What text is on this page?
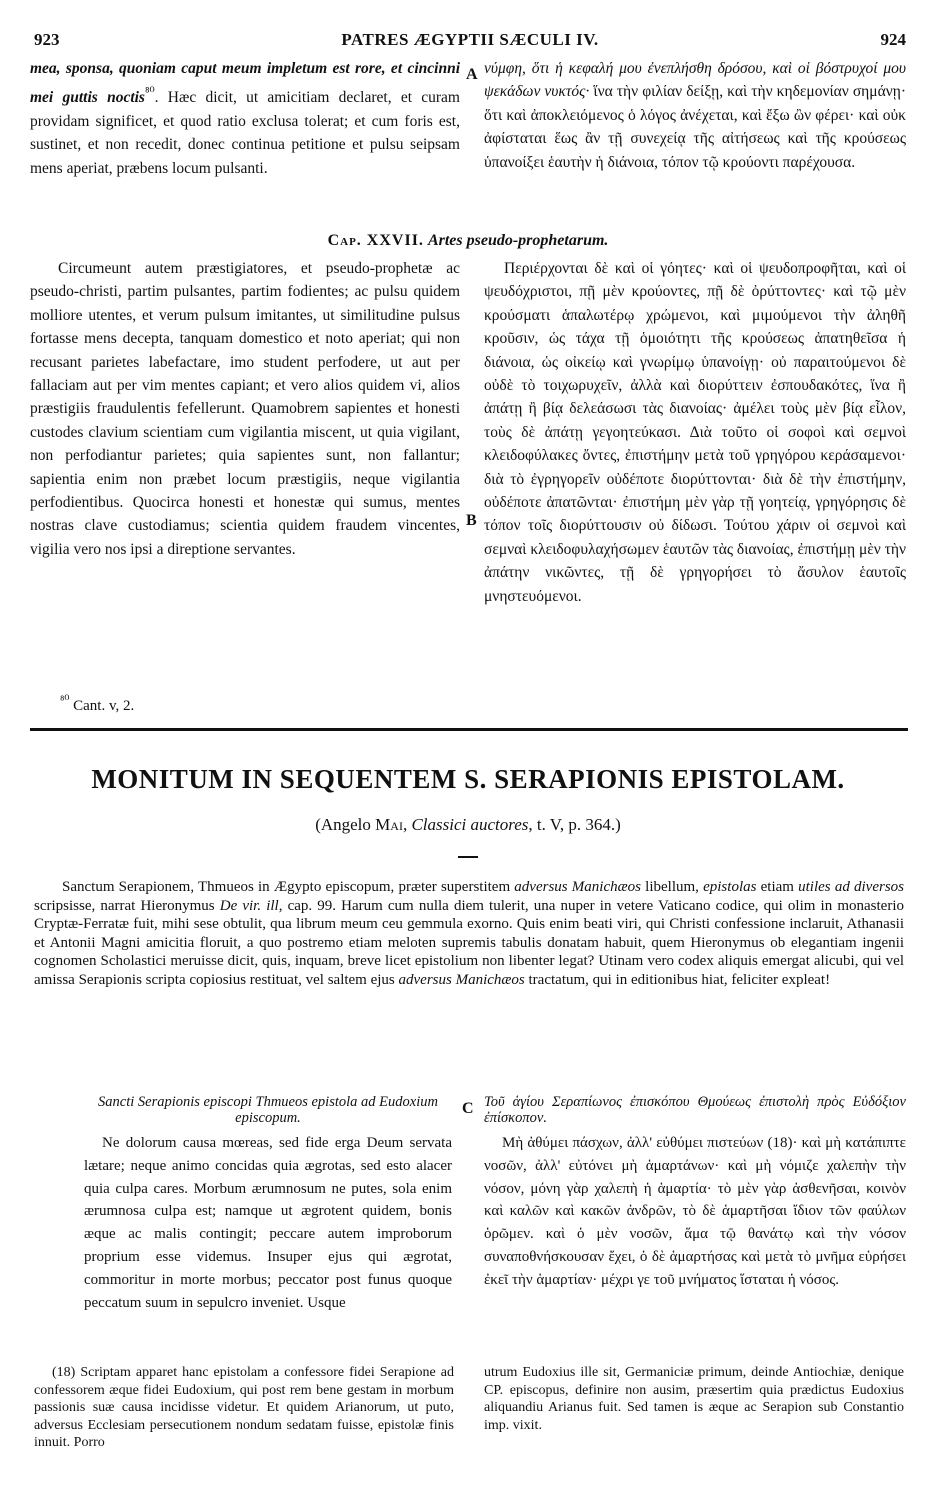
923	PATRES ÆGYPTII SÆCULI IV.	924

mea, sponsa, quoniam caput meum impletum est rore, et cincinni mei guttis noctis$^{^{80}}$. Hæc dicit, ut amicitiam declaret, et curam providam significet, et quod ratio exclusa tolerat; et cum foris est, sustinet, et non recedit, donec continua petitione et pulsu seipsam mens aperiat, præbens locum pulsanti.

A νύμφη, ὅτι ἡ κεφαλή μου ἐνεπλήσθη δρόσου, καὶ οἱ βόστρυχοί μου ψεκάδων νυκτός· ἵνα τὴν φιλίαν δείξῃ, καὶ τὴν κηδεμονίαν σημάνῃ· ὅτι καὶ ἀποκλειόμενος ὁ λόγος ἀνέχεται, καὶ ἔξω ὢν φέρει· καὶ οὐκ ἀφίσταται ἕως ἂν τῇ συνεχείᾳ τῆς αἰτήσεως καὶ τῆς κρούσεως ὑπανοίξει ἑαυτὴν ἡ διάνοια, τόπον τῷ κρούοντι παρέχουσα.

Cap. XXVII. Artes pseudo-prophetarum.

Circumeunt autem præstigiatores, et pseudo-prophetæ ac pseudo-christi, partim pulsantes, partim fodientes; ac pulsu quidem molliore utentes, et verum pulsum imitantes, ut similitudine pulsus fortasse mens decepta, tanquam domestico et noto aperiat; qui non recusant parietes labefactare, imo student perfodere, ut aut per fallaciam aut per vim mentes capiant; et vero alios quidem vi, alios præstigiis fraudulentis fefellerunt. Quamobrem sapientes et honesti custodes clavium scientiam cum vigilantia miscent, ut quia vigilant, non perfodiantur parietes; quia sapientes sunt, non fallantur; sapientia enim non præbet locum præstigiis, neque vigilantia perfodientibus. Quocirca honesti et honestæ qui sumus, mentes nostras clave custodiamus; scientia quidem fraudem vincentes, vigilia vero nos ipsi a direptione servantes.

B

Περιέρχονται δὲ καὶ οἱ γόητες· καὶ οἱ ψευδοπροφῆται, καὶ οἱ ψευδόχριστοι, πῇ μὲν κρούοντες, πῇ δὲ ὀρύττοντες· καὶ τῷ μὲν κρούσματι ἁπαλωτέρῳ χρώμενοι, καὶ μιμούμενοι τὴν ἀληθῆ κροῦσιν, ὡς τάχα τῇ ὁμοιότητι τῆς κρούσεως ἀπατηθεῖσα ἡ διάνοια, ὡς οἰκείῳ καὶ γνωρίμῳ ὑπανοίγῃ· οὐ παραιτούμενοι δὲ οὐδὲ τὸ τοιχωρυχεῖν, ἀλλὰ καὶ διορύττειν ἐσπουδακότες, ἵνα ἢ ἀπάτῃ ἢ βίᾳ δελεάσωσι τὰς διανοίας· ἀμέλει τοὺς μὲν βίᾳ εἷλον, τοὺς δὲ ἀπάτῃ γεγοητεύκασι. Διὰ τοῦτο οἱ σοφοὶ καὶ σεμνοὶ κλειδοφύλακες ὄντες, ἐπιστήμην μετὰ τοῦ γρηγόρου κεράσαμενοι· διὰ τὸ ἐγρηγορεῖν οὐδέποτε διορύττονται· διὰ δὲ τὴν ἐπιστήμην, οὐδέποτε ἀπατῶνται· ἐπιστήμη μὲν γὰρ τῇ γοητείᾳ, γρηγόρησις δὲ τόπον τοῖς διορύττουσιν οὐ δίδωσι. Τούτου χάριν οἱ σεμνοὶ καὶ σεμναὶ κλειδοφυλαχήσωμεν ἑαυτῶν τὰς διανοίας, ἐπιστήμῃ μὲν τὴν ἀπάτην νικῶντες, τῇ δὲ γρηγορήσει τὸ ἄσυλον ἑαυτοῖς μνηστευόμενοι.

$^{^{80}}$ Cant. v, 2.
MONITUM IN SEQUENTEM S. SERAPIONIS EPISTOLAM.
(Angelo Mai, Classici auctores, t. V, p. 364.)
Sanctum Serapionem, Thmueos in Ægypto episcopum, præter superstitem adversus Manichæos libellum, epistolas etiam utiles ad diversos scripsisse, narrat Hieronymus De vir. ill, cap. 99. Harum cum nulla diem tulerit, una nuper in vetere Vaticano codice, qui olim in monasterio Cryptæ-Ferratæ fuit, mihi sese obtulit, qua librum meum ceu gemmula exorno. Quis enim beati viri, qui Christi confessione inclaruit, Athanasii et Antonii Magni amicitia floruit, a quo postremo etiam meloten supremis tabulis donatam habuit, quem Hieronymus ob elegantiam ingenii cognomen Scholastici meruisse dicit, quis, inquam, breve licet epistolium non libenter legat? Utinam vero codex aliquis emergat alicubi, qui vel amissa Serapionis scripta copiosius restituat, vel saltem ejus adversus Manichæos tractatum, qui in editionibus hiat, feliciter expleat!
Sancti Serapionis episcopi Thmueos epistola ad Eudoxium episcopum.

Ne dolorum causa mœreas, sed fide erga Deum servata lætare; neque animo concidas quia ægrotas, sed esto alacer quia culpa cares. Morbum ærumnosum ne putes, sola enim ærumnosa culpa est; namque ut ægrotent quidem, bonis æque ac malis contingit; peccare autem improborum proprium esse videmus. Insuper ejus qui ægrotat, commoritur in morte morbus; peccator post funus quoque peccatum suum in sepulcro inveniet. Usque

C Τοῦ ἁγίου Σεραπίωνος ἐπισκόπου Θμούεως ἐπιστολὴ πρὸς Εὐδόξιον ἐπίσκοπον.

Μὴ ἀθύμει πάσχων, ἀλλ' εὐθύμει πιστεύων (18)· καὶ μὴ κατάπιπτε νοσῶν, ἀλλ' εὐτόνει μὴ ἁμαρτάνων· καὶ μὴ νόμιζε χαλεπὴν τὴν νόσον, μόνη γὰρ χαλεπὴ ἡ ἁμαρτία· τὸ μὲν γὰρ ἀσθενῆσαι, κοινὸν καὶ καλῶν καὶ κακῶν ἀνδρῶν, τὸ δὲ ἁμαρτῆσαι ἴδιον τῶν φαύλων ὁρῶμεν. καὶ ὁ μὲν νοσῶν, ἅμα τῷ θανάτῳ καὶ τὴν νόσον συναποθνήσκουσαν ἔχει, ὁ δὲ ἁμαρτήσας καὶ μετὰ τὸ μνῆμα εὑρήσει ἐκεῖ τὴν ἁμαρτίαν· μέχρι γε τοῦ μνήματος ἵσταται ἡ νόσος.

(18) Scriptam apparet hanc epistolam a confessore fidei Serapione ad confessorem æque fidei Eudoxium, qui post rem bene gestam in morbum passionis suæ causa incidisse videtur. Et quidem Arianorum, ut puto, adversus Ecclesiam persecutionem nondum sedatam fuisse, epistolæ finis innuit. Porro

utrum Eudoxius ille sit, Germaniciæ primum, deinde Antiochiæ, denique CP. episcopus, definire non ausim, præsertim quia prædictus Eudoxius aliquandiu Arianus fuit. Sed tamen is æque ac Serapion sub Constantio imp. vixit.
